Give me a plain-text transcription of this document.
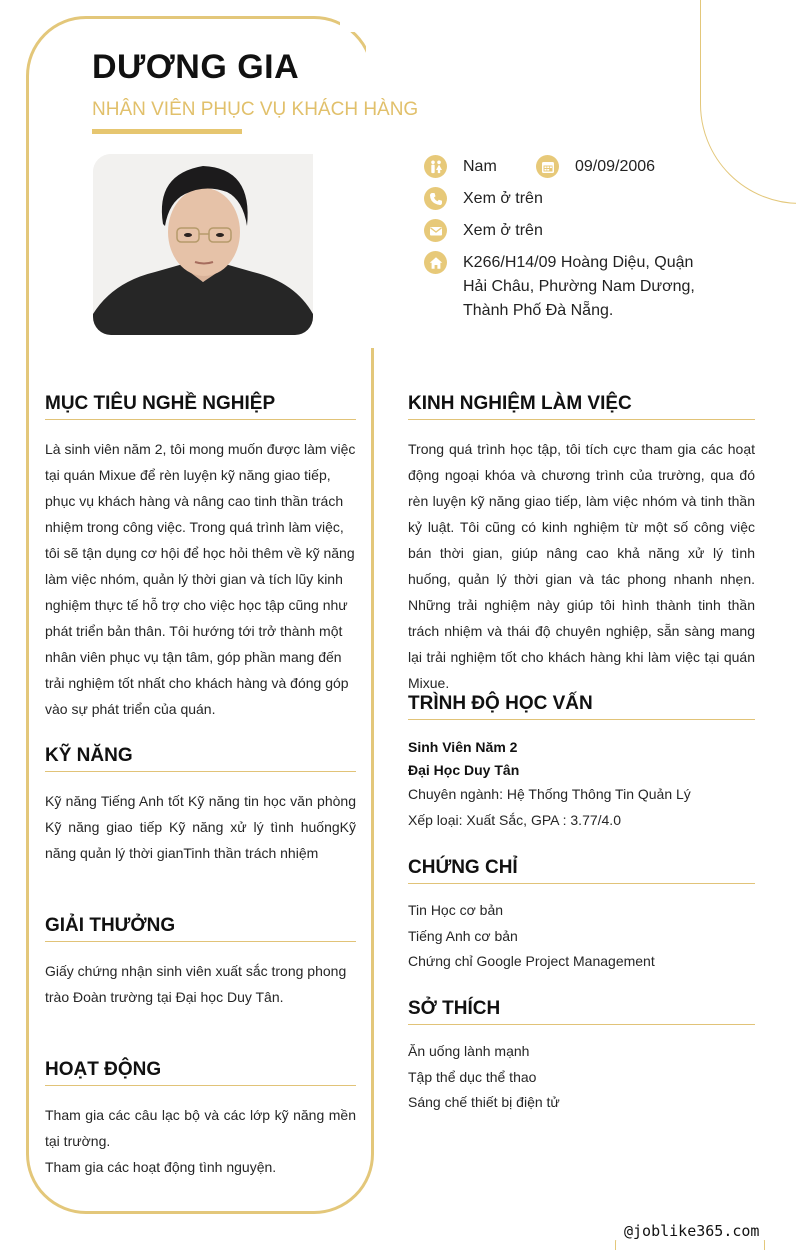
DƯƠNG GIA
NHÂN VIÊN PHỤC VỤ KHÁCH HÀNG
Nam	09/09/2006
Xem ở trên
Xem ở trên
K266/H14/09 Hoàng Diệu, Quận Hải Châu, Phường Nam Dương, Thành Phố Đà Nẵng.
MỤC TIÊU NGHỀ NGHIỆP
Là sinh viên năm 2, tôi mong muốn được làm việc tại quán Mixue để rèn luyện kỹ năng giao tiếp, phục vụ khách hàng và nâng cao tinh thần trách nhiệm trong công việc. Trong quá trình làm việc, tôi sẽ tận dụng cơ hội để học hỏi thêm về kỹ năng làm việc nhóm, quản lý thời gian và tích lũy kinh nghiệm thực tế hỗ trợ cho việc học tập cũng như phát triển bản thân. Tôi hướng tới trở thành một nhân viên phục vụ tận tâm, góp phần mang đến trải nghiệm tốt nhất cho khách hàng và đóng góp vào sự phát triển của quán.
KỸ NĂNG
Kỹ năng Tiếng Anh tốt Kỹ năng tin học văn phòng Kỹ năng giao tiếp Kỹ năng xử lý tình huốngKỹ năng quản lý thời gianTinh thần trách nhiệm
GIẢI THƯỞNG
Giấy chứng nhận sinh viên xuất sắc trong phong trào Đoàn trường tại Đại học Duy Tân.
HOẠT ĐỘNG
Tham gia các câu lạc bộ và các lớp kỹ năng mền tại trường.
Tham gia các hoạt động tình nguyện.
KINH NGHIỆM LÀM VIỆC
Trong quá trình học tập, tôi tích cực tham gia các hoạt động ngoại khóa và chương trình của trường, qua đó rèn luyện kỹ năng giao tiếp, làm việc nhóm và tinh thần kỷ luật. Tôi cũng có kinh nghiệm từ một số công việc bán thời gian, giúp nâng cao khả năng xử lý tình huống, quản lý thời gian và tác phong nhanh nhẹn. Những trải nghiệm này giúp tôi hình thành tinh thần trách nhiệm và thái độ chuyên nghiệp, sẵn sàng mang lại trải nghiệm tốt cho khách hàng khi làm việc tại quán Mixue.
TRÌNH ĐỘ HỌC VẤN
Sinh Viên Năm 2
Đại Học Duy Tân
Chuyên ngành: Hệ Thống Thông Tin Quản Lý
Xếp loại: Xuất Sắc, GPA : 3.77/4.0
CHỨNG CHỈ
Tin Học cơ bản
Tiếng Anh cơ bản
Chứng chỉ Google Project Management
SỞ THÍCH
Ăn uống lành mạnh
Tập thể dục thể thao
Sáng chế thiết bị điện tử
@joblike365.com
